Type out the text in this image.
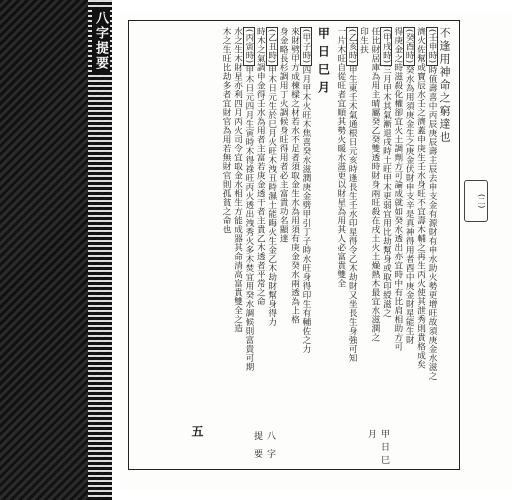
八字提要	不逢用神命之窮達也

(壬申時)時值壽喜中丙辰庚辰壽主辰去申支金有源財有申水助火勢更增旺故須庚金水滋之

濟火佐幫或寶辰水壬之濟蓋申庚生壬水身旺不宜壽木輔之再生丙火使其泄秀則貴格成矣

(癸酉時)癸水為用須庚金生之庚金伏財申支辛是真神得用者酉中庚金財星能生財

得庚金之時滋殺化權卻宜火土調劑方可論成就如癸水透出亦宜時中有比肩相助方可

(甲戌時)三月甲木其氣漸退戌時土旺甲木更弱宜用比劫幫身或取印綬滋之

任比財居庫為用主晴屬癸乙癸雙透時財身兩旺殺在戌土火土燥熱木最宜水滋潤之

印生扶

(乙亥時)甲生東壬木氣通根日元亥時逢長生壬水印星得令乙木劫財又坐長生身強可知

一片木旺自從旺者宜順其勢火暖水滋更以財星為用其人必富貴雙全

甲日巳月

(甲子時)四月甲木火旺木焦喜癸水滋潤庚金劈甲引丁子時水旺身得印生有輔佐之力

來財劈甲方成棟樑之材若水不足者須取金生水為用須有庚金癸水兩透為上格

身金略長杉調用丁火調候身旺得用者必主富貴功名顯達

(乙丑時)甲木日元生於巳月火旺木洩丑時濕土能晦火生金乙木劫財幫身得力

時木之氣調申金得壬水為用者主富若庚金透干者主貴乙木透者平常之命

(丙寅時)甲木日元四月生寅時木得祿旺丙火透出洩秀火多木焚宜用癸水調候則富貴可期

水之生木財星亦利四月丙火司令宜取金水相生方能成器其命清高富貴雙全之造

木之生旺比劫多者宜財官為用若無財官則孤貧之命也

八 字 提 要	甲日巳月
五
(二)
